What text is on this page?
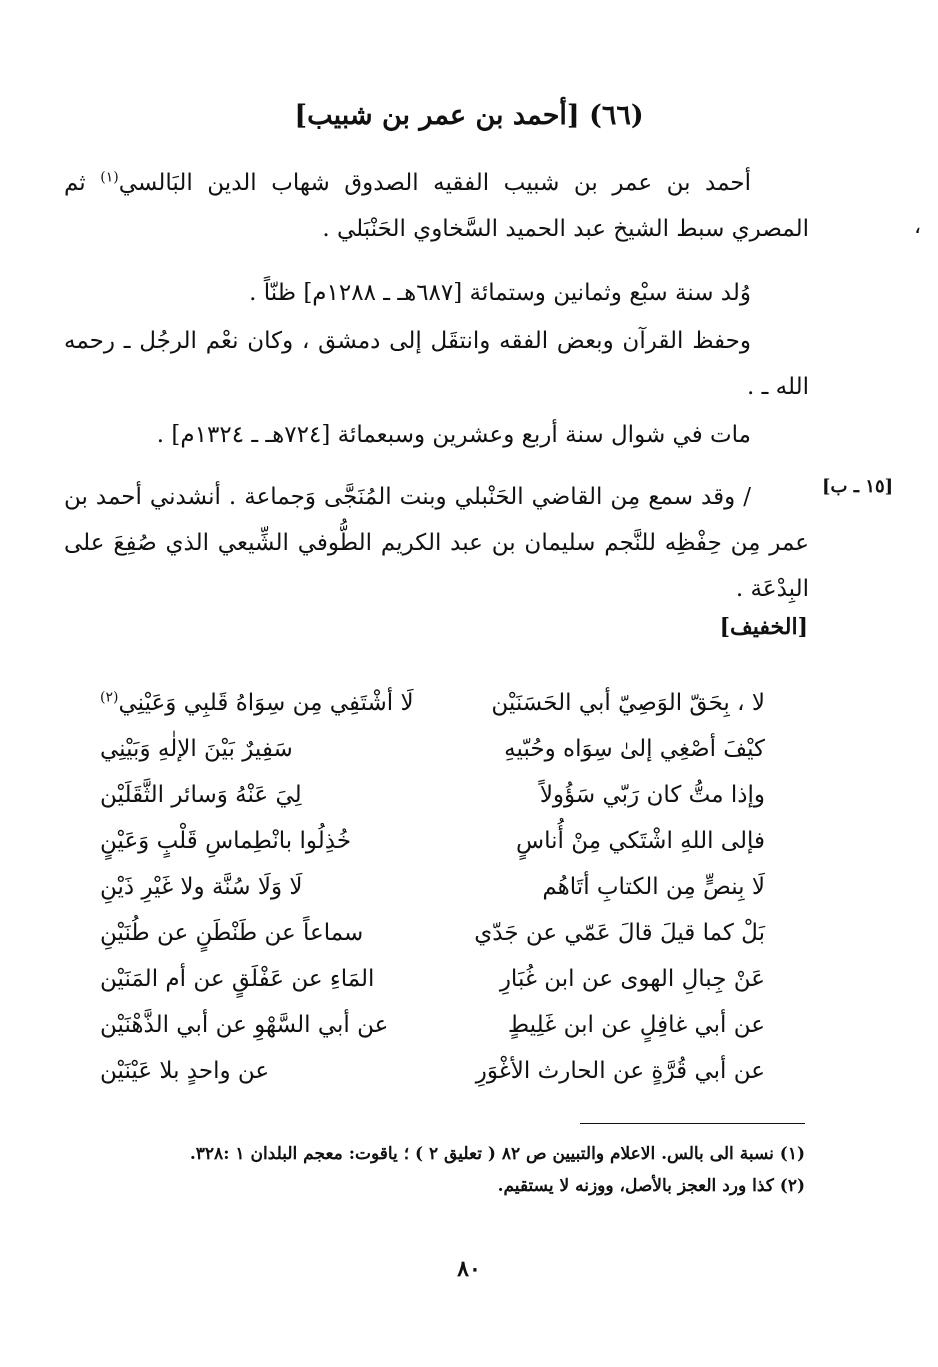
(٦٦) [أحمد بن عمر بن شبيب]

أحمد بن عمر بن شبيب الفقيه الصدوق شهاب الدين البَالسي$^{(١)}$ ثم المصري سبط الشيخ عبد الحميد السَّخاوي الحَنْبَلي .	،

وُلد سنة سبْع وثمانين وستمائة [٦٨٧هـ ـ ١٢٨٨م] ظنّاً .

وحفظ القرآن وبعض الفقه وانتقَل إلى دمشق ، وكان نعْم الرجُل ـ رحمه الله ـ .

مات في شوال سنة أربع وعشرين وسبعمائة [٧٢٤هـ ـ ١٣٢٤م] .

[١٥ ـ ب]

/ وقد سمع مِن القاضي الحَنْبلي وبنت المُنَجَّى وَجماعة . أنشدني أحمد بن عمر مِن حِفْظِه للنَّجم سليمان بن عبد الكريم الطُّوفي الشِّيعي الذي صُفِعَ على البِدْعَة .

[الخفيف]
لا ، بِحَقّ الوَصِيّ أبي الحَسَنَيْن
لَا أشْتَفِي مِن سِوَاهُ قَلبِي وَعَيْنِي$^{(٢)}$
كيْفَ أصْغِي إلىٰ سِوَاه وحُبّيهِ
سَفِيرٌ بَيْنَ الإلٰهِ وَبَيْنِي
وإذا متُّ كان رَبّي سَؤُولاً
لِيَ عَنْهُ وَسائر الثَّقَلَيْن
فإلى اللهِ اشْتَكي مِنْ أُناسٍ
خُذِلُوا بانْطِماسِ قَلْبٍ وَعَيْنٍ
لَا بِنصٍّ مِن الكتابِ أتَاهُم
لَا وَلَا سُنَّة ولا غَيْرِ ذَيْنِ
بَلْ كما قيلَ قالَ عَمّي عن جَدّي
سماعاً عن طَنْطَنٍ عن طُنَيْنِ
عَنْ جِبالِ الهوى عن ابن غُبَارِ
المَاءِ عن عَفْلَقٍ عن أم المَنَيْن
عن أبي غافِلٍ عن ابن غَلِيطٍ
عن أبي السَّهْوِ عن أبي الذَّهْنَيْن
عن أبي قُرَّةٍ عن الحارث الأغْوَرِ
عن واحدٍ بلا عَيْنَيْن
(١) نسبة الى بالس. الاعلام والتبيين ص ٨٢ ( تعليق ٢ ) ؛ ياقوت: معجم البلدان ١ :٣٢٨.
(٢) كذا ورد العجز بالأصل، ووزنه لا يستقيم.
٨٠
